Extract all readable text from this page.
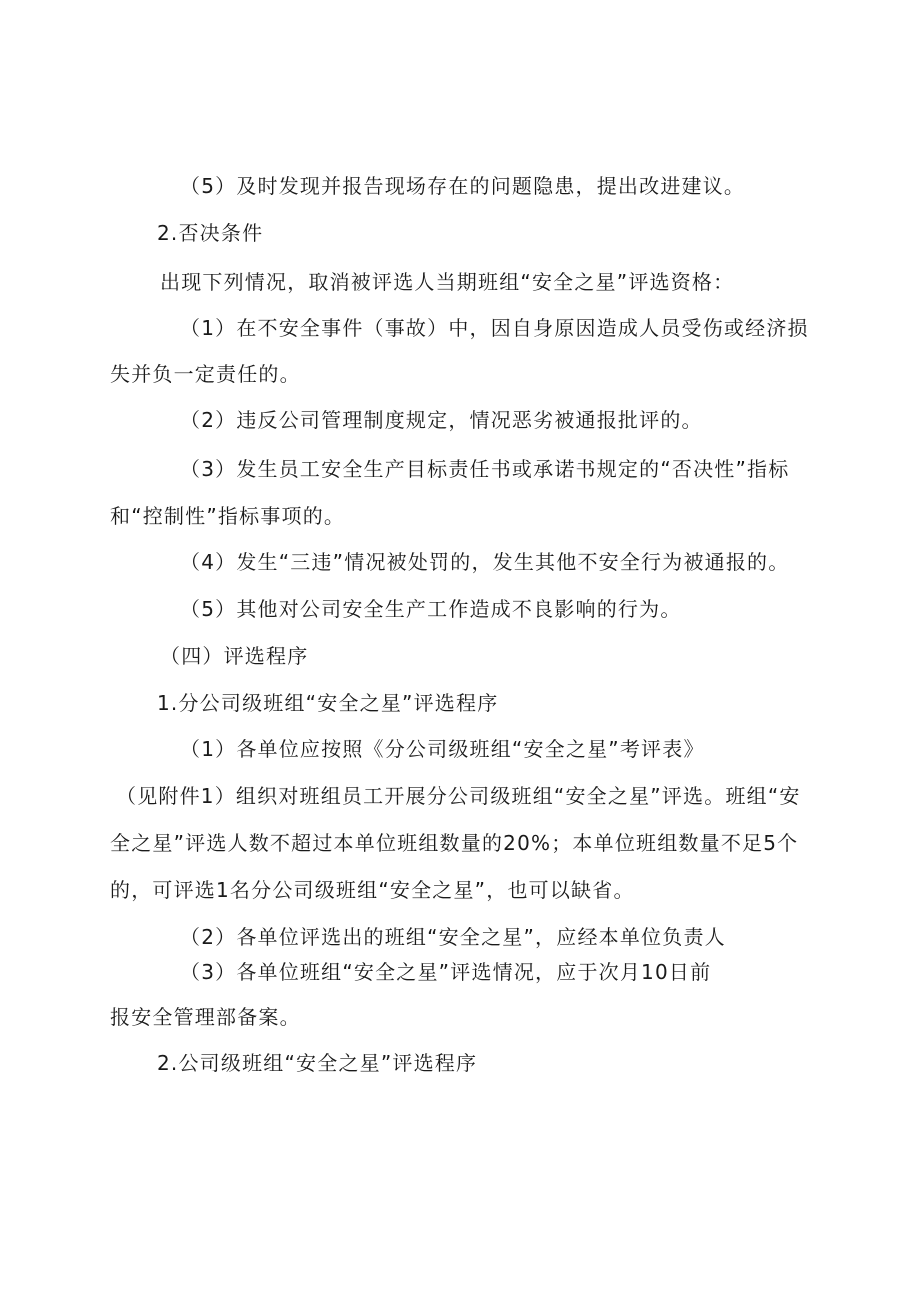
（5）及时发现并报告现场存在的问题隐患，提出改进建议。
2.否决条件
出现下列情况，取消被评选人当期班组“安全之星”评选资格：
（1）在不安全事件（事故）中，因自身原因造成人员受伤或经济损
失并负一定责任的。
（2）违反公司管理制度规定，情况恶劣被通报批评的。
（3）发生员工安全生产目标责任书或承诺书规定的“否决性”指标
和“控制性”指标事项的。
（4）发生“三违”情况被处罚的，发生其他不安全行为被通报的。
（5）其他对公司安全生产工作造成不良影响的行为。
（四）评选程序
1.分公司级班组“安全之星”评选程序
（1）各单位应按照《分公司级班组“安全之星”考评表》
（见附件1）组织对班组员工开展分公司级班组“安全之星”评选。班组“安
全之星”评选人数不超过本单位班组数量的20%；本单位班组数量不足5个
的，可评选1名分公司级班组“安全之星”，也可以缺省。
（2）各单位评选出的班组“安全之星”，应经本单位负责人
（3）各单位班组“安全之星”评选情况，应于次月10日前
报安全管理部备案。
2.公司级班组“安全之星”评选程序
